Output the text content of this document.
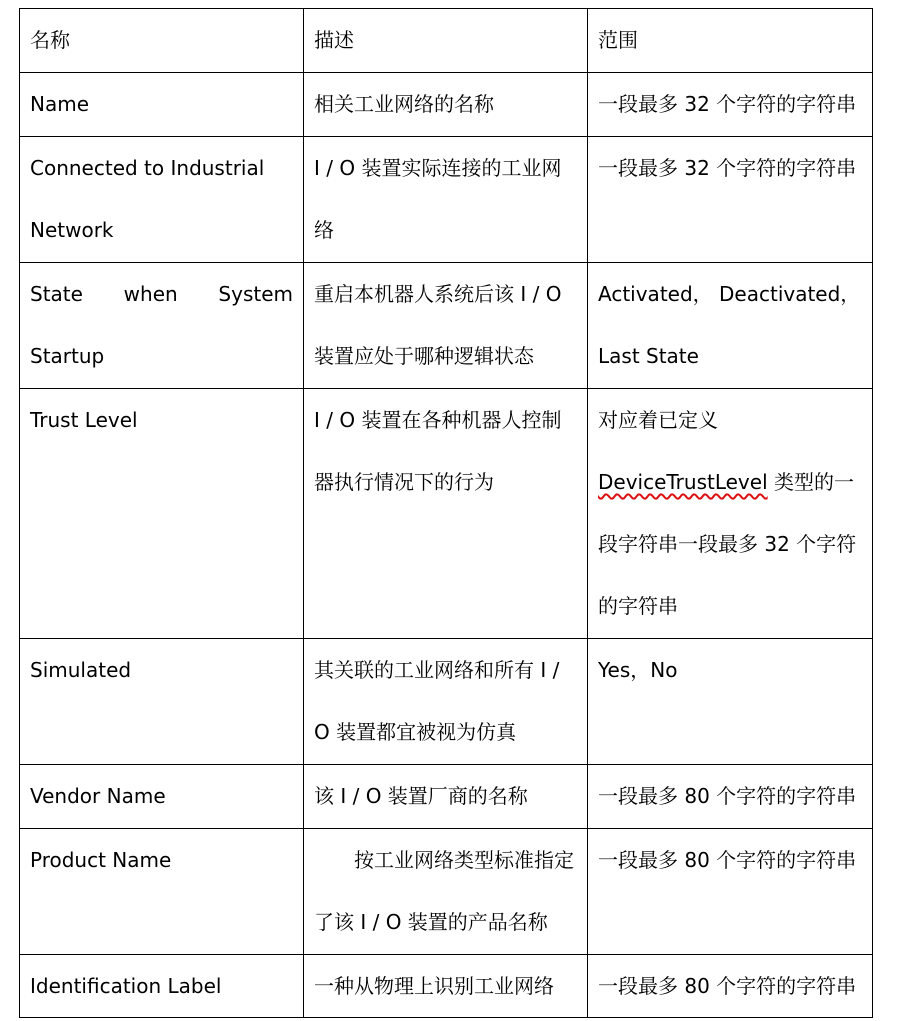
名称	描述	范围

Name	相关工业网络的名称	一段最多 32 个字符的字符串

Connected to Industrial Network	I / O 装置实际连接的工业网络	一段最多 32 个字符的字符串

State when System Startup	重启本机器人系统后该 I / O 装置应处于哪种逻辑状态	Activated， Deactivated， Last State

Trust Level	I / O 装置在各种机器人控制器执行情况下的行为	对应着已定义
DeviceTrustLevel 类型的一段字符串一段最多 32 个字符的字符串

Simulated	其关联的工业网络和所有 I / O 装置都宜被视为仿真	Yes，No

Vendor Name	该 I / O 装置厂商的名称	一段最多 80 个字符的字符串

Product Name	按工业网络类型标准指定了该 I / O 装置的产品名称	一段最多 80 个字符的字符串

Identification Label	一种从物理上识别工业网络	一段最多 80 个字符的字符串
